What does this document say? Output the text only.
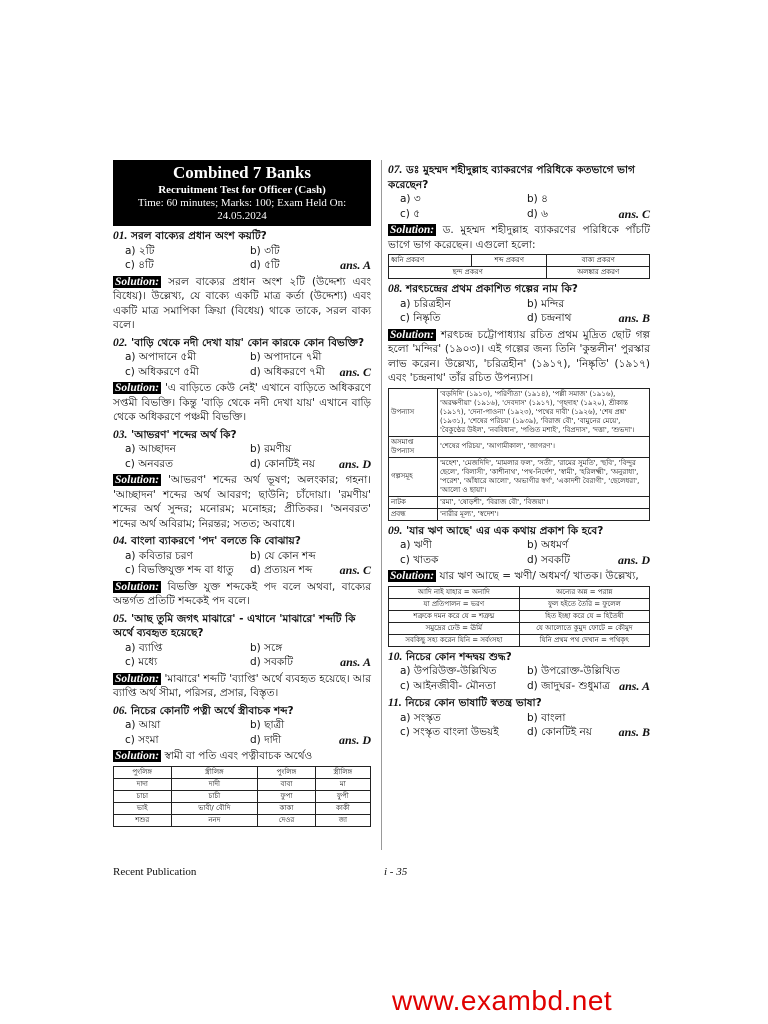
Combined 7 Banks
Recruitment Test for Officer (Cash)
Time: 60 minutes; Marks: 100; Exam Held On: 24.05.2024
01. সরল বাক্যের প্রধান অংশ কয়টি?
a) ২টি	b) ৩টি
c) ৪টি	d) ৫টি	ans. A
Solution: সরল বাক্যের প্রধান অংশ ২টি (উদ্দেশ্য এবং বিধেয়)। উল্লেখ্য, যে বাক্যে একটি মাত্র কর্তা (উদ্দেশ্য) এবং একটি মাত্র সমাপিকা ক্রিয়া (বিধেয়) থাকে তাকে, সরল বাক্য বলে।
02. 'বাড়ি থেকে নদী দেখা যায়' কোন কারকে কোন বিভক্তি?
a) অপাদানে ৫মী	b) অপাদানে ৭মী
c) অধিকরণে ৫মী	d) অধিকরণে ৭মী ans. C
Solution: 'এ বাড়িতে কেউ নেই' এখানে বাড়িতে অধিকরণে সপ্তমী বিভক্তি। কিন্তু 'বাড়ি থেকে নদী দেখা যায়' এখানে বাড়ি থেকে অধিকরণে পঞ্চমী বিভক্তি।
03. 'আভরণ' শব্দের অর্থ কি?
a) আচ্ছাদন	b) রমণীয়
c) অনবরত	d) কোনটিই নয় ans. D
Solution: 'আভরণ' শব্দের অর্থ ভূষণ; অলংকার; গহনা। 'আচ্ছাদন' শব্দের অর্থ আবরণ; ছাউনি; চাঁদোয়া। 'রমণীয়' শব্দের অর্থ সুন্দর; মনোরম; মনোহর; প্রীতিকর। 'অনবরত' শব্দের অর্থ অবিরাম; নিরন্তর; সতত; অবাধে।
04. বাংলা ব্যাকরণে 'পদ' বলতে কি বোঝায়?
a) কবিতার চরণ	b) যে কোন শব্দ
c) বিভক্তিযুক্ত শব্দ বা ধাতু	d) প্রত্যয়ন শব্দ ans. C
Solution: বিভক্তি যুক্ত শব্দকেই পদ বলে অথবা, বাক্যের অন্তর্গত প্রতিটি শব্দকেই পদ বলে।
05. 'আছ তুমি জগৎ মাঝারে' - এখানে 'মাঝারে' শব্দটি কি অর্থে ব্যবহৃত হয়েছে?
a) ব্যাপ্তি	b) সঙ্গে
c) মধ্যে	d) সবকটি	ans. A
Solution: 'মাঝারে' শব্দটি 'ব্যাপ্তি' অর্থে ব্যবহৃত হয়েছে। আর ব্যাপ্তি অর্থ সীমা, পরিসর, প্রসার, বিস্তৃত।
06. নিচের কোনটি পত্নী অর্থে স্ত্রীবাচক শব্দ?
a) আয়া	b) ছাত্রী
c) সংমা	d) দাদী	ans. D
Solution: স্বামী বা পতি এবং পত্নীবাচক অর্থেও
পুংলিঙ্গ	স্ত্রীলিঙ্গ	পুংলিঙ্গ	স্ত্রীলিঙ্গ
দাদা	দাদী	বাবা	মা
চাচা	চাচী	ফুপা	ফুপী
ভাই	ভাবী/ বৌদি	কাকা	কাকী
শশুর	ননদ	দেওর	জা
07. ডঃ মুহম্মদ শহীদুল্লাহ ব্যাকরণের পরিধিকে কতভাগে ভাগ করেছেন?
a) ৩	b) ৪
c) ৫	d) ৬	ans. C
Solution: ড. মুহম্মদ শহীদুল্লাহ ব্যাকরণের পরিধিকে পাঁচটি ভাগে ভাগ করেছেন। এগুলো হলো:
ধ্বনি প্রকরণ	শব্দ প্রকরণ	বাক্য প্রকরণ
ছন্দ প্রকরণ		অলঙ্কার প্রকরণ
08. শরৎচন্দ্রের প্রথম প্রকাশিত গল্পের নাম কি?
a) চরিত্রহীন	b) মন্দির
c) নিষ্কৃতি	d) চন্দ্রনাথ	ans. B
Solution: শরৎচন্দ্র চট্টোপাধ্যায় রচিত প্রথম মুদ্রিত ছোট গল্প হলো 'মন্দির' (১৯০৩)। এই গল্পের জন্য তিনি 'কুন্তলীন' পুরস্কার লাভ করেন। উল্লেখ্য, 'চরিত্রহীন' (১৯১৭), 'নিষ্কৃতি' (১৯১৭) এবং 'চন্দ্রনাথ' তাঁর রচিত উপন্যাস।
উপন্যাস	'বড়দিদি' (১৯১৩), 'পরিণীতা' (১৯১৪), 'পল্লী সমাজ' (১৯১৬), 'অরক্ষণীয়া' (১৯১৬), 'দেবদাস' (১৯১৭), 'গৃহদাহ' (১৯২০), শ্রীকান্ত (১৯১৭), 'দেনা-পাওনা' (১৯২৩), 'পথের দাবী' (১৯২৬), 'শেষ প্রশ্ন' (১৯৩১), 'শেষের পরিচয়' (১৯৩৯), 'বিরাজ বৌ', 'বামুনের মেয়ে', 'বৈকুণ্ঠের উইল', 'নববিধান', 'পণ্ডিত মশাই', 'বিপ্রদাস', 'দত্তা', 'শুভদা'।
অসমাপ্ত উপন্যাস	'শেষের পরিচয়', 'আগামীকাল', 'জাগরণ'।
গল্পসমূহ	'মহেশ', 'মেজদিদি', 'মামলার ফল', 'সতী', 'রামের সুমতি', 'ছবি', 'বিন্দুর ছেলে', 'বিলাসী', 'কাশীনাথ', 'পথ-নির্দেশ', 'স্বামী', 'হরিলক্ষ্মী', 'অনুরাধা', 'পরেশ', 'আঁধারে আলো', 'অভাগীর স্বর্গ', 'একাদশী বৈরাগী', 'ছেলেধরা', 'আলো ও ছায়া'।
নাটক	'রমা', 'ষোড়শী', 'বিরাজ বৌ', 'বিজয়া'।
প্রবন্ধ	'নারীর মূল্য', 'স্বদেশ'।
09. 'যার ঋণ আছে' এর এক কথায় প্রকাশ কি হবে?
a) ঋণী	b) অধমর্ণ
c) খাতক	d) সবকটি	ans. D
Solution: যার ঋণ আছে = ঋণী/ অধমর্ণ/ খাতক। উল্লেখ্য,
আদি নাই যাহার = অনাদি	অন্যের অন্ন = পরান্ন
যা প্রতিপালন = ভরণ	ফুল হইতে তৈরি = ফুলেল
শত্রুকে দমন করে যে = শত্রুঘ্ন	হিত ইচ্ছা করে যে = হিতৈষী
সমুদ্রের ঢেউ = ঊর্মি	যে আলোতে কুমুদ ফোটে = কৌমুদ
সবকিছু সহ্য করেন যিনি = সর্বংসহা	যিনি প্রথম পথ দেখান = পথিকৃৎ
10. নিচের কোন শব্দদ্বয় শুদ্ধ?
a) উপরিউক্ত-উল্লিখিত	b) উপরোক্ত-উল্লিখিত
c) আইনজীবী- মৌনতা	d) জাদুঘর- শুধুমাত্র ans. A
11. নিচের কোন ভাষাটি স্বতন্ত্র ভাষা?
a) সংস্কৃত	b) বাংলা
c) সংস্কৃত বাংলা উভয়ই	d) কোনটিই নয় ans. B
Recent Publication	i - 35
www.exambd.net
